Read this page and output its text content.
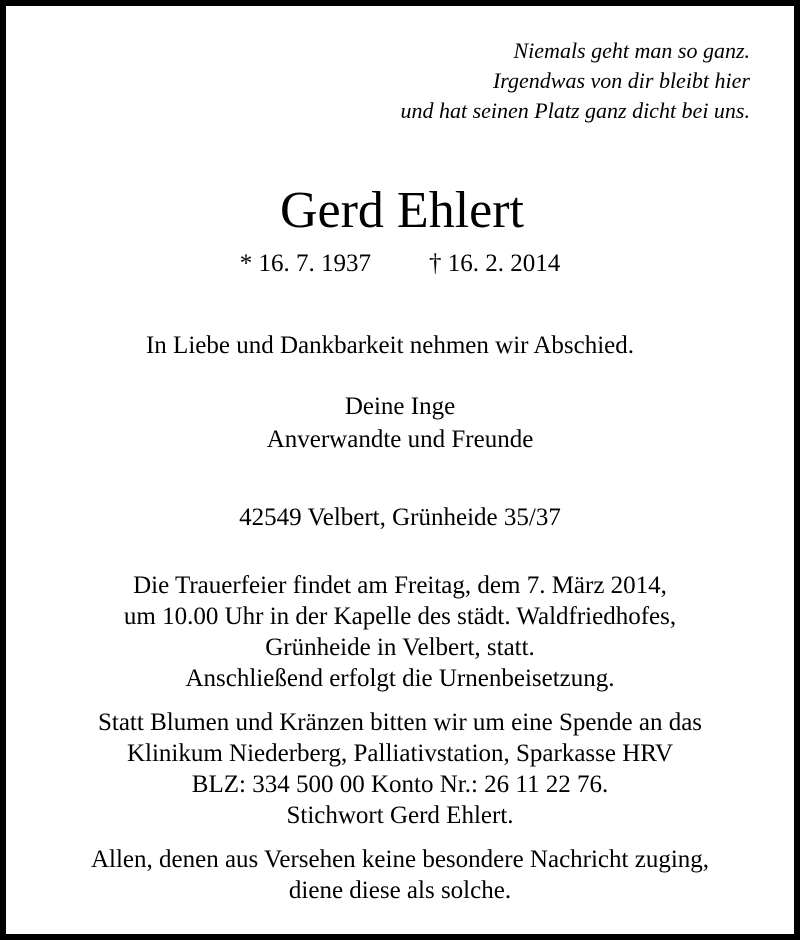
Niemals geht man so ganz.
Irgendwas von dir bleibt hier
und hat seinen Platz ganz dicht bei uns.
Gerd Ehlert
* 16. 7. 1937 † 16. 2. 2014
In Liebe und Dankbarkeit nehmen wir Abschied.
Deine Inge
Anverwandte und Freunde
42549 Velbert, Grünheide 35/37
Die Trauerfeier findet am Freitag, dem 7. März 2014,
um 10.00 Uhr in der Kapelle des städt. Waldfriedhofes,
Grünheide in Velbert, statt.
Anschließend erfolgt die Urnenbeisetzung.
Statt Blumen und Kränzen bitten wir um eine Spende an das
Klinikum Niederberg, Palliativstation, Sparkasse HRV
BLZ: 334 500 00 Konto Nr.: 26 11 22 76.
Stichwort Gerd Ehlert.
Allen, denen aus Versehen keine besondere Nachricht zuging,
diene diese als solche.
